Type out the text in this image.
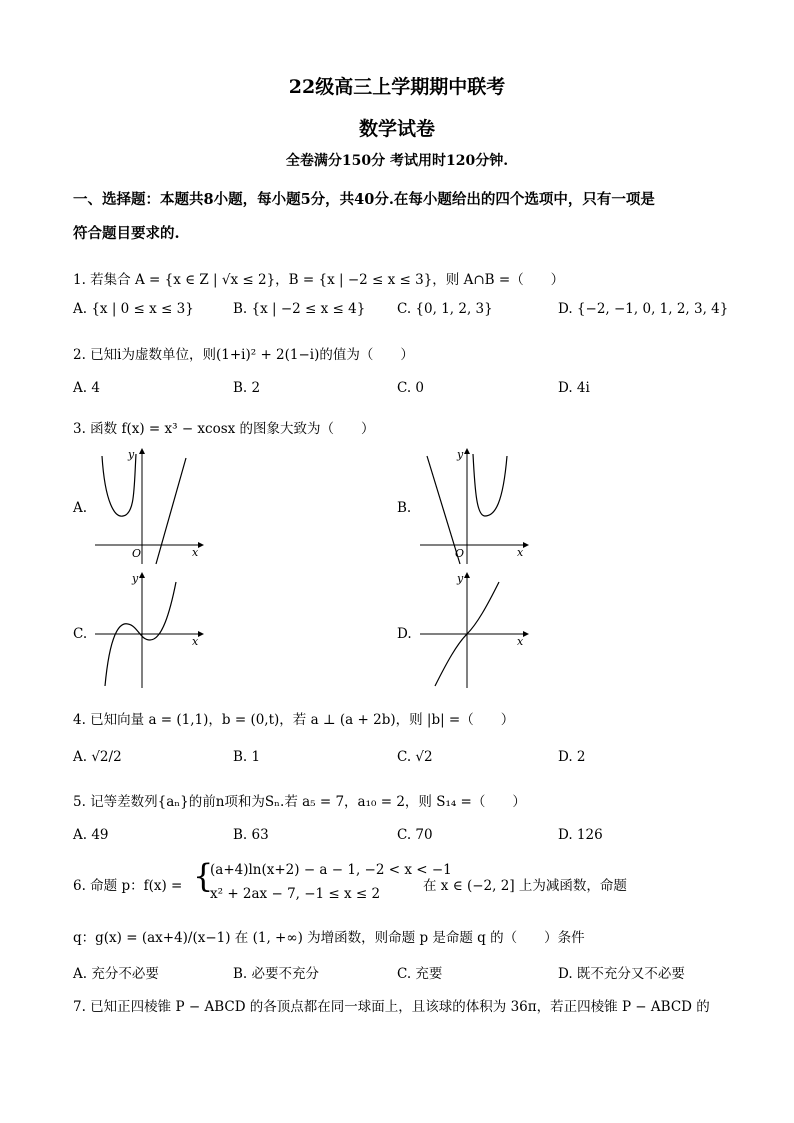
22级高三上学期期中联考
数学试卷
全卷满分150分 考试用时120分钟.
一、选择题：本题共8小题，每小题5分，共40分.在每小题给出的四个选项中，只有一项是
符合题目要求的.
1. 若集合 A = {x ∈ Z | √x ≤ 2}，B = {x | −2 ≤ x ≤ 3}，则 A∩B =（　　）
A. {x | 0 ≤ x ≤ 3}	B. {x | −2 ≤ x ≤ 4} C. {0, 1, 2, 3}	D. {−2, −1, 0, 1, 2, 3, 4}
2. 已知i为虚数单位，则(1+i)² + 2(1−i)的值为（　　）
A. 4	B. 2	C. 0	D. 4i
3. 函数 f(x) = x³ − xcosx 的图象大致为（　　）
A.	B.
C.	D.
y
x
O
y
x
O
y
x
y
x
4. 已知向量 a = (1,1)，b = (0,t)，若 a ⊥ (a + 2b)，则 |b| =（　　）
A. √2/2	B. 1	C. √2	D. 2
5. 记等差数列{aₙ}的前n项和为Sₙ.若 a₅ = 7，a₁₀ = 2，则 S₁₄ =（　　）
A. 49	B. 63	C. 70	D. 126
6. 命题 p：f(x) = {
(a+4)ln(x+2) − a − 1, −2 < x < −1
x² + 2ax − 7, −1 ≤ x ≤ 2	在 x ∈ (−2, 2] 上为减函数，命题
q：g(x) = (ax+4)/(x−1) 在 (1, +∞) 为增函数，则命题 p 是命题 q 的（　　）条件
A. 充分不必要	B. 必要不充分	C. 充要	D. 既不充分又不必要
7. 已知正四棱锥 P − ABCD 的各顶点都在同一球面上，且该球的体积为 36π，若正四棱锥 P − ABCD 的
